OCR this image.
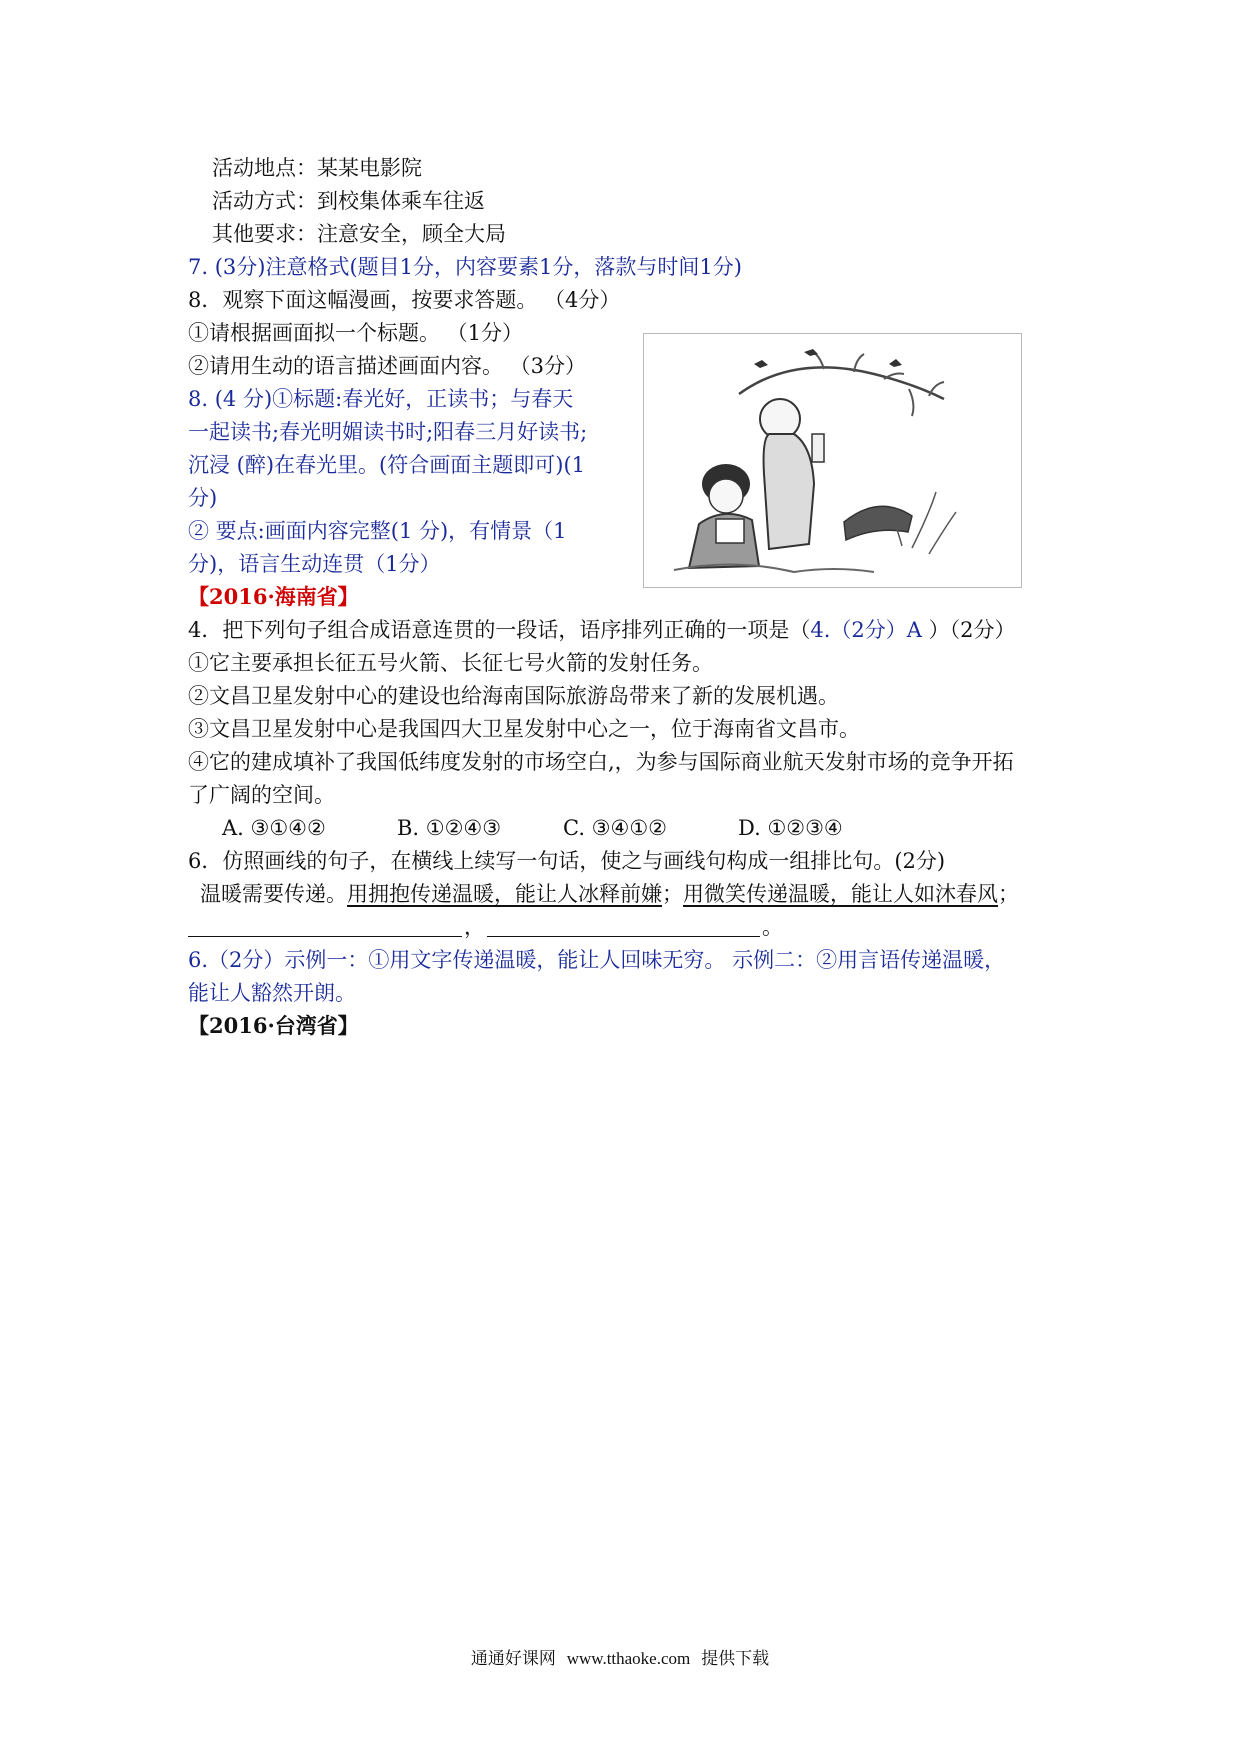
活动地点：某某电影院
活动方式：到校集体乘车往返
其他要求：注意安全，顾全大局
7. (3分)注意格式(题目1分，内容要素1分，落款与时间1分)
8．观察下面这幅漫画，按要求答题。 （4分）
①请根据画面拟一个标题。 （1分）
②请用生动的语言描述画面内容。 （3分）
8. (4 分)①标题:春光好，正读书；与春天
一起读书;春光明媚读书时;阳春三月好读书;
沉浸 (醉)在春光里。(符合画面主题即可)(1
分)
② 要点:画面内容完整(1 分)，有情景（1
分)，语言生动连贯（1分）
【2016·海南省】
4．把下列句子组合成语意连贯的一段话，语序排列正确的一项是（4.（2分）A ）（2分）
①它主要承担长征五号火箭、长征七号火箭的发射任务。
②文昌卫星发射中心的建设也给海南国际旅游岛带来了新的发展机遇。
③文昌卫星发射中心是我国四大卫星发射中心之一，位于海南省文昌市。
④它的建成填补了我国低纬度发射的市场空白,，为参与国际商业航天发射市场的竞争开拓
了广阔的空间。
A. ③①④②	B. ①②④③	C. ③④①②	D. ①②③④
6．仿照画线的句子，在横线上续写一句话，使之与画线句构成一组排比句。(2分)
温暖需要传递。用拥抱传递温暖，能让人冰释前嫌；用微笑传递温暖，能让人如沐春风；
，	。
6.（2分）示例一：①用文字传递温暖，能让人回味无穷。 示例二：②用言语传递温暖，
能让人豁然开朗。
【2016·台湾省】
通通好课网 www.tthaoke.com 提供下载
